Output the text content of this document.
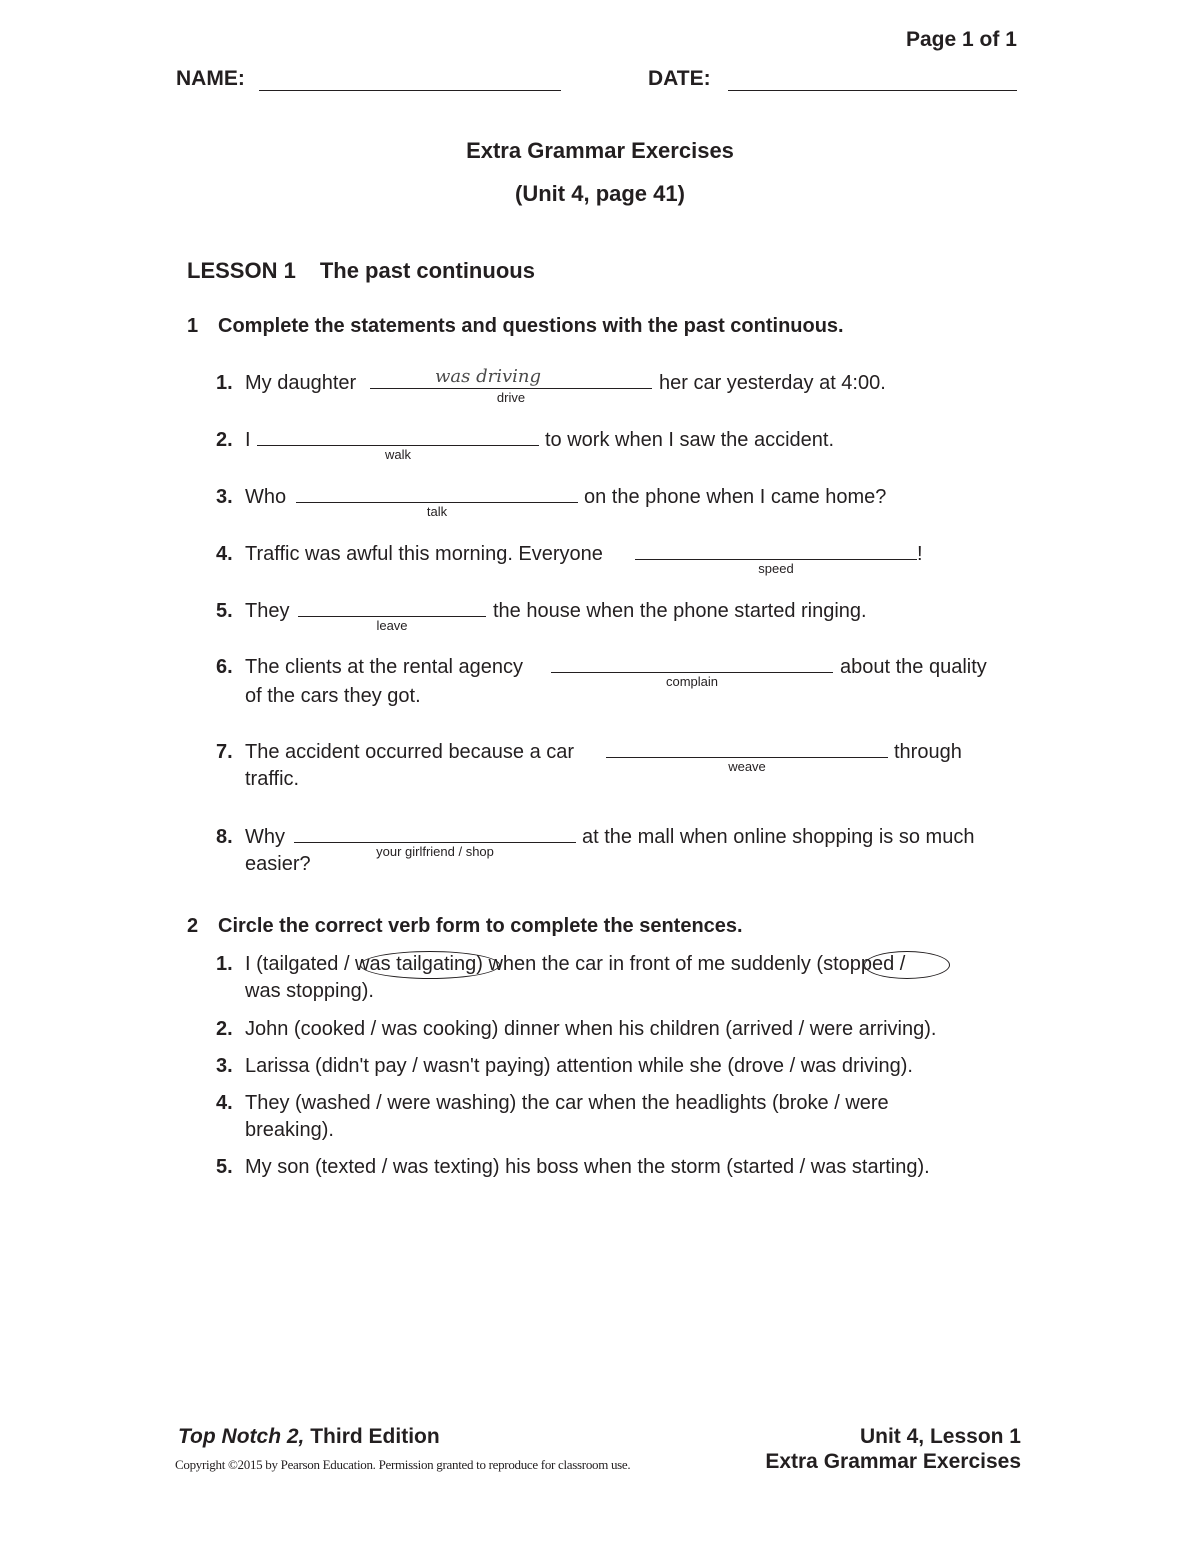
Page 1 of 1
NAME:	DATE:
Extra Grammar Exercises
(Unit 4, page 41)
LESSON 1 The past continuous
1 Complete the statements and questions with the past continuous.
1. My daughter	was driving
drive
her car yesterday at 4:00.
2. I
walk
to work when I saw the accident.
3. Who
talk
on the phone when I came home?
4. Traffic was awful this morning. Everyone
speed
!
5. They
leave
the house when the phone started ringing.
6. The clients at the rental agency
complain
about the quality
of the cars they got.
7. The accident occurred because a car
weave
through
traffic.
8. Why
your girlfriend / shop
at the mall when online shopping is so much
easier?
2 Circle the correct verb form to complete the sentences.
1. I (tailgated / was tailgating) when the car in front of me suddenly (stopped /
was stopping).
2. John (cooked / was cooking) dinner when his children (arrived / were arriving).
3. Larissa (didn't pay / wasn't paying) attention while she (drove / was driving).
4. They (washed / were washing) the car when the headlights (broke / were
breaking).
5. My son (texted / was texting) his boss when the storm (started / was starting).
Top Notch 2, Third Edition
Copyright ©2015 by Pearson Education. Permission granted to reproduce for classroom use.
Unit 4, Lesson 1
Extra Grammar Exercises
